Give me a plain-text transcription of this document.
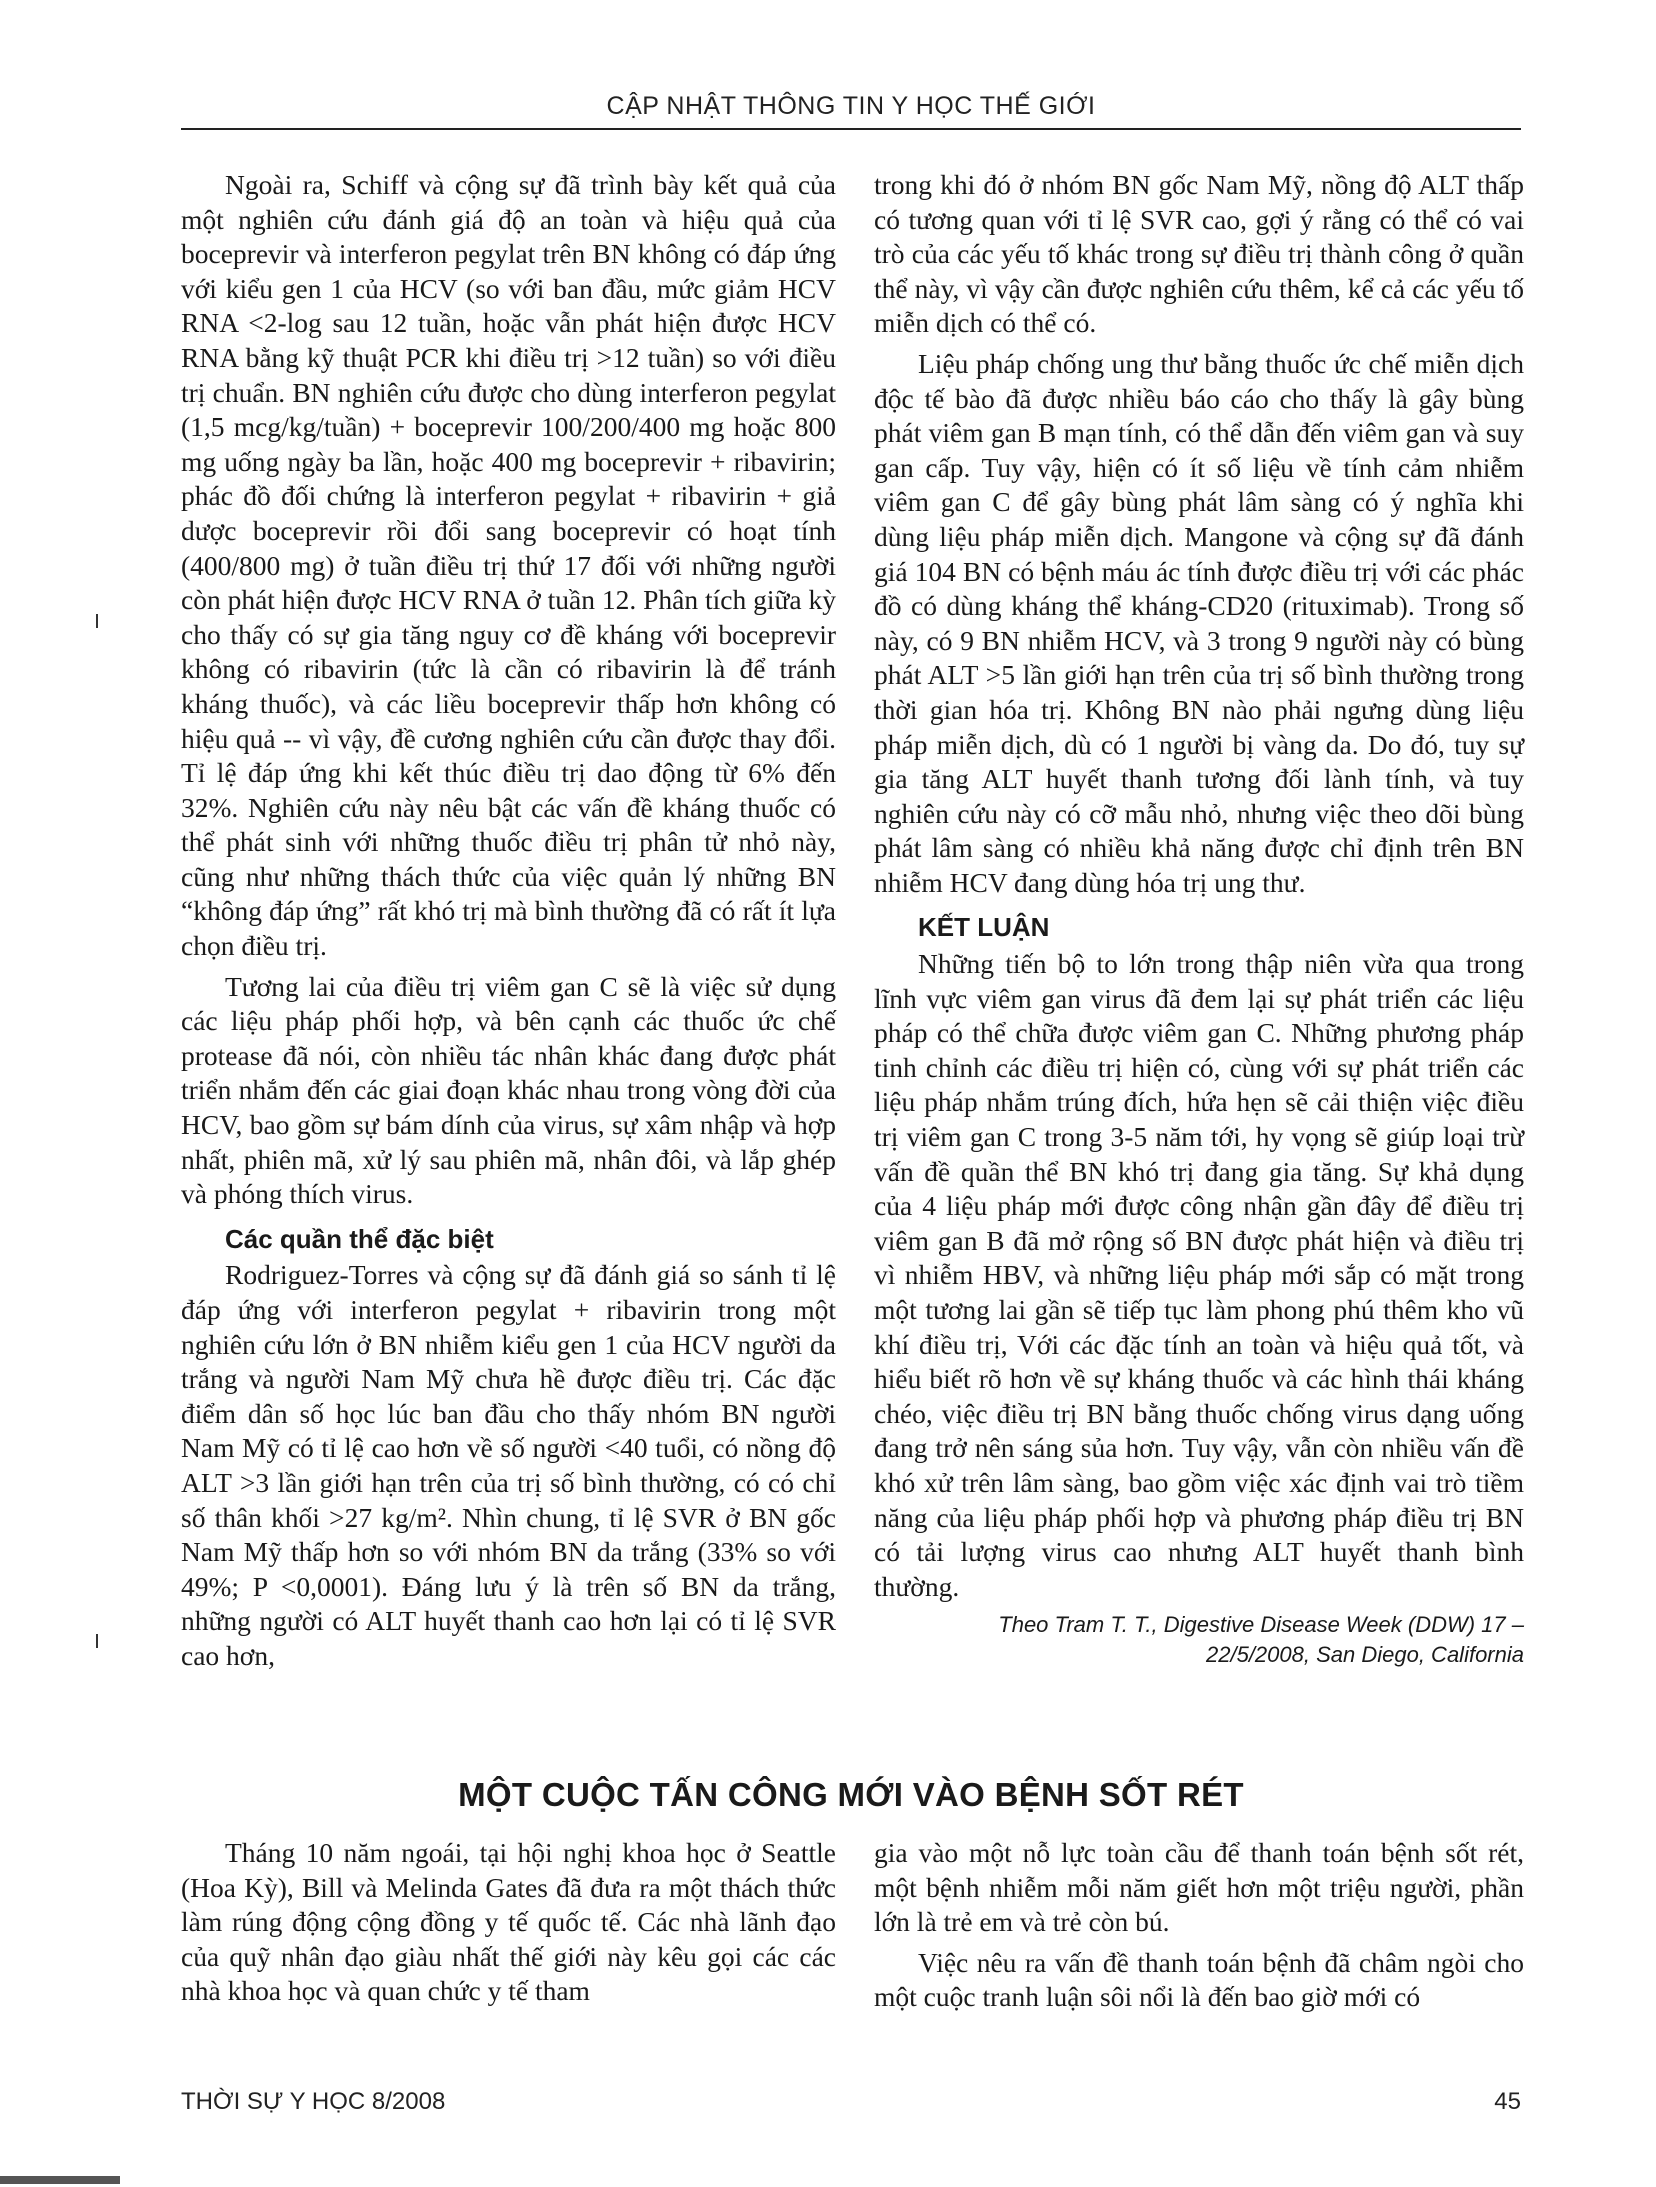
CẬP NHẬT THÔNG TIN Y HỌC THẾ GIỚI

Ngoài ra, Schiff và cộng sự đã trình bày kết quả của một nghiên cứu đánh giá độ an toàn và hiệu quả của boceprevir và interferon pegylat trên BN không có đáp ứng với kiểu gen 1 của HCV (so với ban đầu, mức giảm HCV RNA <2-log sau 12 tuần, hoặc vẫn phát hiện được HCV RNA bằng kỹ thuật PCR khi điều trị >12 tuần) so với điều trị chuẩn. BN nghiên cứu được cho dùng interferon pegylat (1,5 mcg/kg/tuần) + boceprevir 100/200/400 mg hoặc 800 mg uống ngày ba lần, hoặc 400 mg boceprevir + ribavirin; phác đồ đối chứng là interferon pegylat + ribavirin + giả dược boceprevir rồi đổi sang boceprevir có hoạt tính (400/800 mg) ở tuần điều trị thứ 17 đối với những người còn phát hiện được HCV RNA ở tuần 12. Phân tích giữa kỳ cho thấy có sự gia tăng nguy cơ đề kháng với boceprevir không có ribavirin (tức là cần có ribavirin là để tránh kháng thuốc), và các liều boceprevir thấp hơn không có hiệu quả -- vì vậy, đề cương nghiên cứu cần được thay đổi. Tỉ lệ đáp ứng khi kết thúc điều trị dao động từ 6% đến 32%. Nghiên cứu này nêu bật các vấn đề kháng thuốc có thể phát sinh với những thuốc điều trị phân tử nhỏ này, cũng như những thách thức của việc quản lý những BN “không đáp ứng” rất khó trị mà bình thường đã có rất ít lựa chọn điều trị.

Tương lai của điều trị viêm gan C sẽ là việc sử dụng các liệu pháp phối hợp, và bên cạnh các thuốc ức chế protease đã nói, còn nhiều tác nhân khác đang được phát triển nhắm đến các giai đoạn khác nhau trong vòng đời của HCV, bao gồm sự bám dính của virus, sự xâm nhập và hợp nhất, phiên mã, xử lý sau phiên mã, nhân đôi, và lắp ghép và phóng thích virus.

Các quần thể đặc biệt

Rodriguez-Torres và cộng sự đã đánh giá so sánh tỉ lệ đáp ứng với interferon pegylat + ribavirin trong một nghiên cứu lớn ở BN nhiễm kiểu gen 1 của HCV người da trắng và người Nam Mỹ chưa hề được điều trị. Các đặc điểm dân số học lúc ban đầu cho thấy nhóm BN người Nam Mỹ có tỉ lệ cao hơn về số người <40 tuổi, có nồng độ ALT >3 lần giới hạn trên của trị số bình thường, có có chỉ số thân khối >27 kg/m². Nhìn chung, tỉ lệ SVR ở BN gốc Nam Mỹ thấp hơn so với nhóm BN da trắng (33% so với 49%; P <0,0001). Đáng lưu ý là trên số BN da trắng, những người có ALT huyết thanh cao hơn lại có tỉ lệ SVR cao hơn,

trong khi đó ở nhóm BN gốc Nam Mỹ, nồng độ ALT thấp có tương quan với tỉ lệ SVR cao, gợi ý rằng có thể có vai trò của các yếu tố khác trong sự điều trị thành công ở quần thể này, vì vậy cần được nghiên cứu thêm, kể cả các yếu tố miễn dịch có thể có.

Liệu pháp chống ung thư bằng thuốc ức chế miễn dịch độc tế bào đã được nhiều báo cáo cho thấy là gây bùng phát viêm gan B mạn tính, có thể dẫn đến viêm gan và suy gan cấp. Tuy vậy, hiện có ít số liệu về tính cảm nhiễm viêm gan C để gây bùng phát lâm sàng có ý nghĩa khi dùng liệu pháp miễn dịch. Mangone và cộng sự đã đánh giá 104 BN có bệnh máu ác tính được điều trị với các phác đồ có dùng kháng thể kháng-CD20 (rituximab). Trong số này, có 9 BN nhiễm HCV, và 3 trong 9 người này có bùng phát ALT >5 lần giới hạn trên của trị số bình thường trong thời gian hóa trị. Không BN nào phải ngưng dùng liệu pháp miễn dịch, dù có 1 người bị vàng da. Do đó, tuy sự gia tăng ALT huyết thanh tương đối lành tính, và tuy nghiên cứu này có cỡ mẫu nhỏ, nhưng việc theo dõi bùng phát lâm sàng có nhiều khả năng được chỉ định trên BN nhiễm HCV đang dùng hóa trị ung thư.

KẾT LUẬN

Những tiến bộ to lớn trong thập niên vừa qua trong lĩnh vực viêm gan virus đã đem lại sự phát triển các liệu pháp có thể chữa được viêm gan C. Những phương pháp tinh chỉnh các điều trị hiện có, cùng với sự phát triển các liệu pháp nhắm trúng đích, hứa hẹn sẽ cải thiện việc điều trị viêm gan C trong 3-5 năm tới, hy vọng sẽ giúp loại trừ vấn đề quần thể BN khó trị đang gia tăng. Sự khả dụng của 4 liệu pháp mới được công nhận gần đây để điều trị viêm gan B đã mở rộng số BN được phát hiện và điều trị vì nhiễm HBV, và những liệu pháp mới sắp có mặt trong một tương lai gần sẽ tiếp tục làm phong phú thêm kho vũ khí điều trị, Với các đặc tính an toàn và hiệu quả tốt, và hiểu biết rõ hơn về sự kháng thuốc và các hình thái kháng chéo, việc điều trị BN bằng thuốc chống virus dạng uống đang trở nên sáng sủa hơn. Tuy vậy, vẫn còn nhiều vấn đề khó xử trên lâm sàng, bao gồm việc xác định vai trò tiềm năng của liệu pháp phối hợp và phương pháp điều trị BN có tải lượng virus cao nhưng ALT huyết thanh bình thường.

Theo Tram T. T., Digestive Disease Week (DDW) 17 –
22/5/2008, San Diego, California

MỘT CUỘC TẤN CÔNG MỚI VÀO BỆNH SỐT RÉT

Tháng 10 năm ngoái, tại hội nghị khoa học ở Seattle (Hoa Kỳ), Bill và Melinda Gates đã đưa ra một thách thức làm rúng động cộng đồng y tế quốc tế. Các nhà lãnh đạo của quỹ nhân đạo giàu nhất thế giới này kêu gọi các các nhà khoa học và quan chức y tế tham

gia vào một nỗ lực toàn cầu để thanh toán bệnh sốt rét, một bệnh nhiễm mỗi năm giết hơn một triệu người, phần lớn là trẻ em và trẻ còn bú.

Việc nêu ra vấn đề thanh toán bệnh đã châm ngòi cho một cuộc tranh luận sôi nổi là đến bao giờ mới có

THỜI SỰ Y HỌC 8/2008	45
